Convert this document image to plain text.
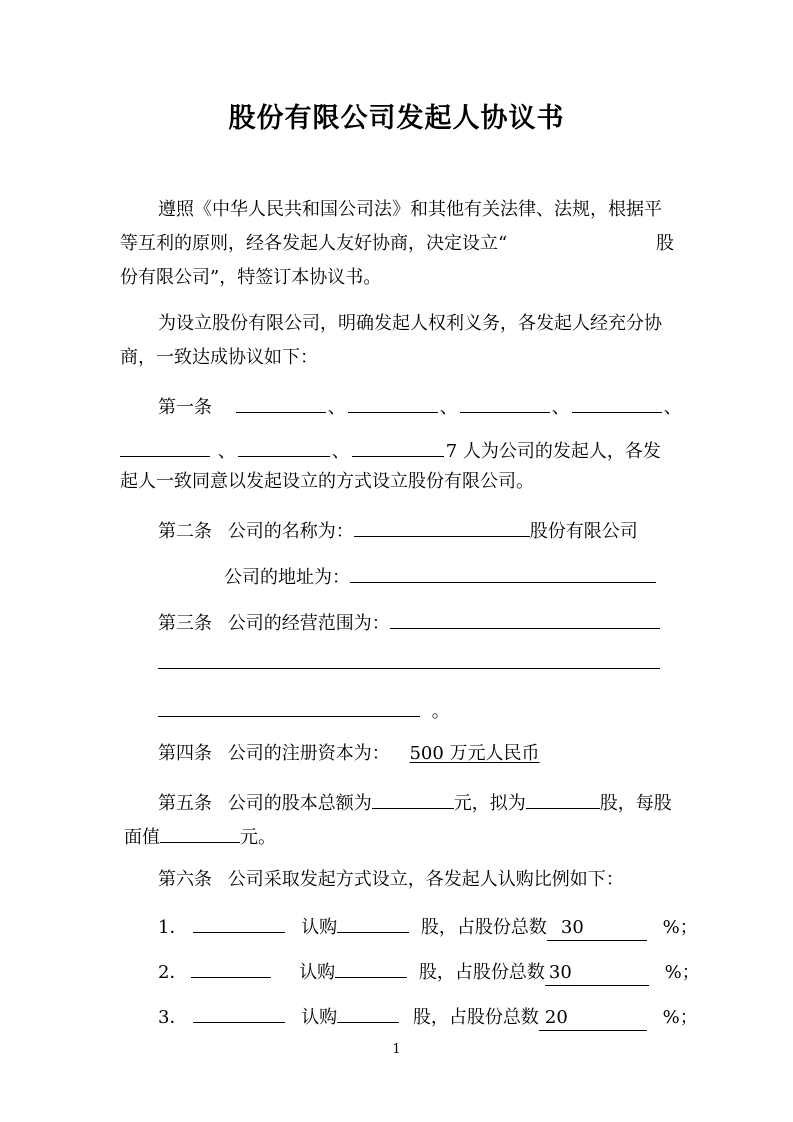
股份有限公司发起人协议书
遵照《中华人民共和国公司法》和其他有关法律、法规，根据平
等互利的原则，经各发起人友好协商，决定设立“	股
份有限公司”，特签订本协议书。
为设立股份有限公司，明确发起人权利义务，各发起人经充分协
商，一致达成协议如下：
第一条	、	、	、	、
、	、	7 人为公司的发起人，各发
起人一致同意以发起设立的方式设立股份有限公司。
第二条 公司的名称为：	股份有限公司
公司的地址为：
第三条 公司的经营范围为：
。
第四条 公司的注册资本为： 500 万元人民币
第五条 公司的股本总额为	元，拟为	股，每股
面值	元。
第六条 公司采取发起方式设立，各发起人认购比例如下：
1．	认购	股，占股份总数 30	%；
2．	认购	股，占股份总数 30	%；
3．	认购	股，占股份总数 20	%；
1
